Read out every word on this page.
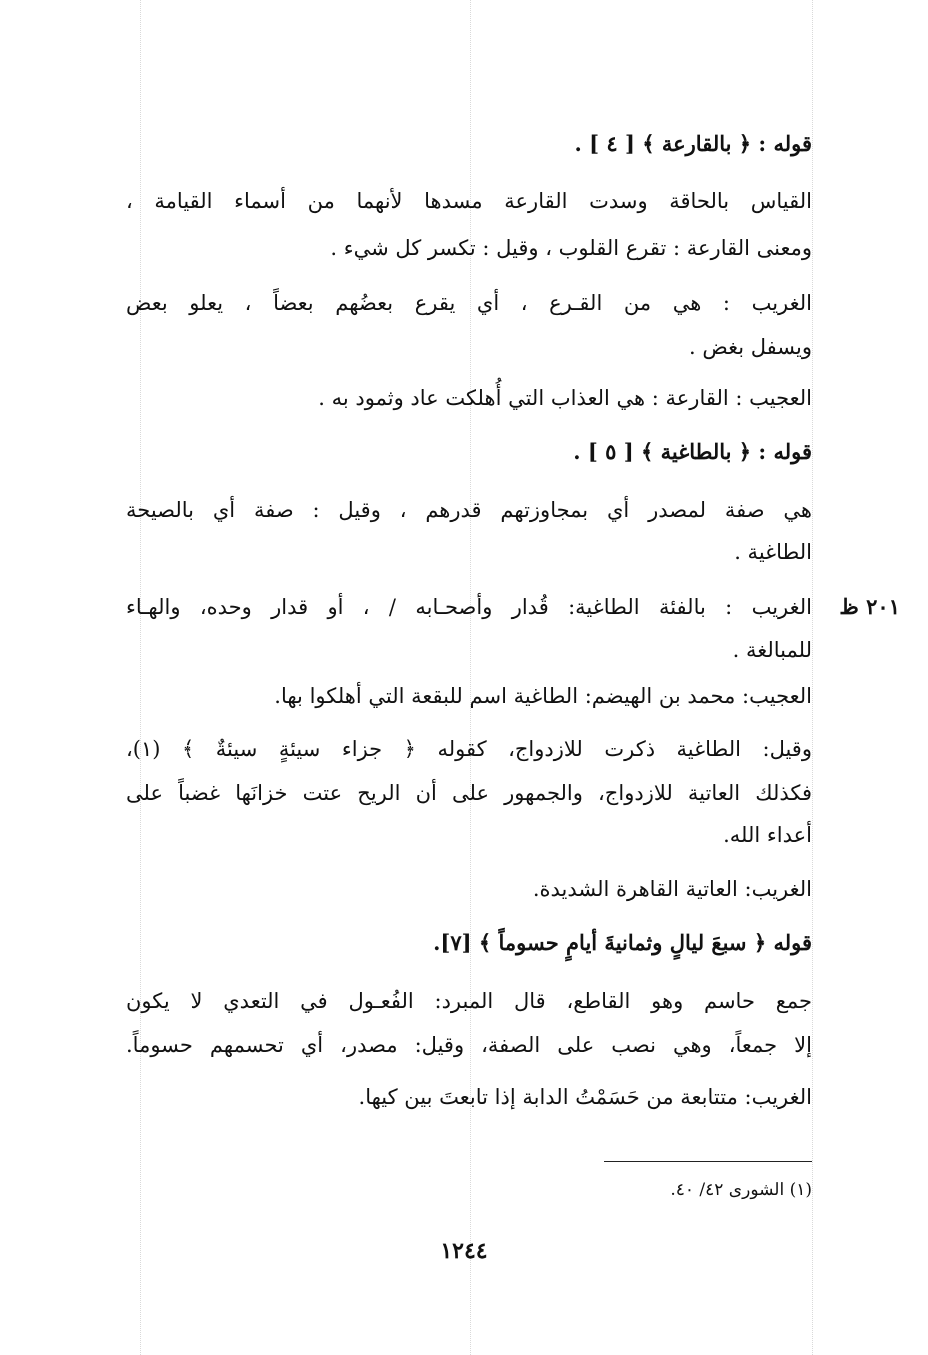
قوله : ﴿ بالقارعة ﴾ [ ٤ ] .
القياس بالحاقة وسدت القارعة مسدها لأنهما من أسماء القيامة ،
ومعنى القارعة : تقرع القلوب ، وقيل : تكسر كل شيء .
الغريب : هي من القـرع ، أي يقرع بعضُهم بعضاً ، يعلو بعض
ويسفل بغض .
العجيب : القارعة : هي العذاب التي أُهلكت عاد وثمود به .
قوله : ﴿ بالطاغية ﴾ [ ٥ ] .
هي صفة لمصدر أي بمجاوزتهم قدرهم ، وقيل : صفة أي بالصيحة
الطاغية .
٢٠١ ظ
الغريب : بالفئة الطاغية: قُدار وأصحـابه / ، أو قدار وحده، والهـاء
للمبالغة .
العجيب: محمد بن الهيضم: الطاغية اسم للبقعة التي أهلكوا بها.
وقيل: الطاغية ذكرت للازدواج، كقوله ﴿ جزاء سيئةٍ سيئةٌ ﴾ (١)،
فكذلك العاتية للازدواج، والجمهور على أن الريح عتت خزانَها غضباً على
أعداء الله.
الغريب: العاتية القاهرة الشديدة.
قوله ﴿ سبعَ ليالٍ وثمانيةَ أيامٍ حسوماً ﴾ [٧].
جمع حاسم وهو القاطع، قال المبرد: الفُعـول في التعدي لا يكون
إلا جمعاً، وهي نصب على الصفة، وقيل: مصدر، أي تحسمهم حسوماً.
الغريب: متتابعة من حَسَمْتُ الدابة إذا تابعتَ بين كيها.
(١) الشورى ٤٢/ ٤٠.
١٢٤٤
